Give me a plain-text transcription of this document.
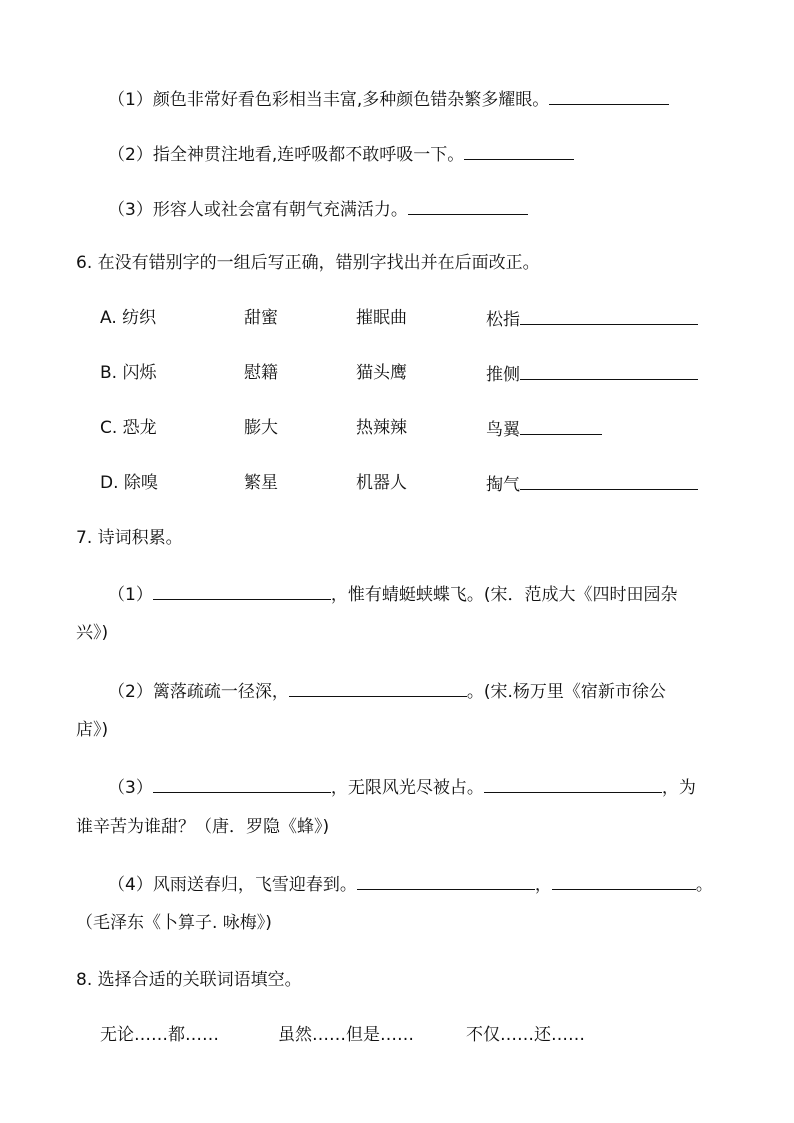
（1）颜色非常好看色彩相当丰富,多种颜色错杂繁多耀眼。
（2）指全神贯注地看,连呼吸都不敢呼吸一下。
（3）形容人或社会富有朝气充满活力。
6. 在没有错别字的一组后写正确，错别字找出并在后面改正。
A. 纺织	甜蜜	摧眠曲	松指
B. 闪烁	慰籍	猫头鹰	推侧
C. 恐龙	膨大	热辣辣	鸟翼
D. 除嗅	繁星	机器人	掏气
7. 诗词积累。
（1）	，惟有蜻蜓蛱蝶飞。(宋．范成大《四时田园杂
兴》)
（2）篱落疏疏一径深，	。(宋.杨万里《宿新市徐公
店》)
（3）	，无限风光尽被占。	，为
谁辛苦为谁甜？（唐．罗隐《蜂》)
（4）风雨送春归，飞雪迎春到。	，	。
（毛泽东《卜算子. 咏梅》)
8. 选择合适的关联词语填空。
无论……都……	虽然……但是……	不仅……还……
